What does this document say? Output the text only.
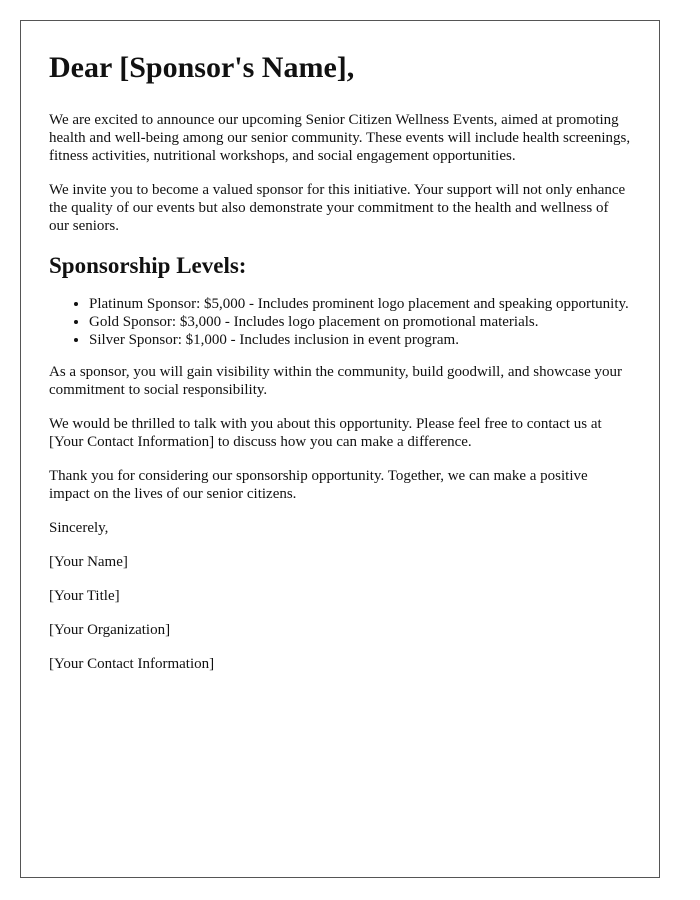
Dear [Sponsor's Name],

We are excited to announce our upcoming Senior Citizen Wellness Events, aimed at promoting health and well-being among our senior community. These events will include health screenings, fitness activities, nutritional workshops, and social engagement opportunities.

We invite you to become a valued sponsor for this initiative. Your support will not only enhance the quality of our events but also demonstrate your commitment to the health and wellness of our seniors.

Sponsorship Levels:
• Platinum Sponsor: $5,000 - Includes prominent logo placement and speaking opportunity.
• Gold Sponsor: $3,000 - Includes logo placement on promotional materials.
• Silver Sponsor: $1,000 - Includes inclusion in event program.

As a sponsor, you will gain visibility within the community, build goodwill, and showcase your commitment to social responsibility.

We would be thrilled to talk with you about this opportunity. Please feel free to contact us at [Your Contact Information] to discuss how you can make a difference.

Thank you for considering our sponsorship opportunity. Together, we can make a positive impact on the lives of our senior citizens.

Sincerely,

[Your Name]

[Your Title]

[Your Organization]

[Your Contact Information]
